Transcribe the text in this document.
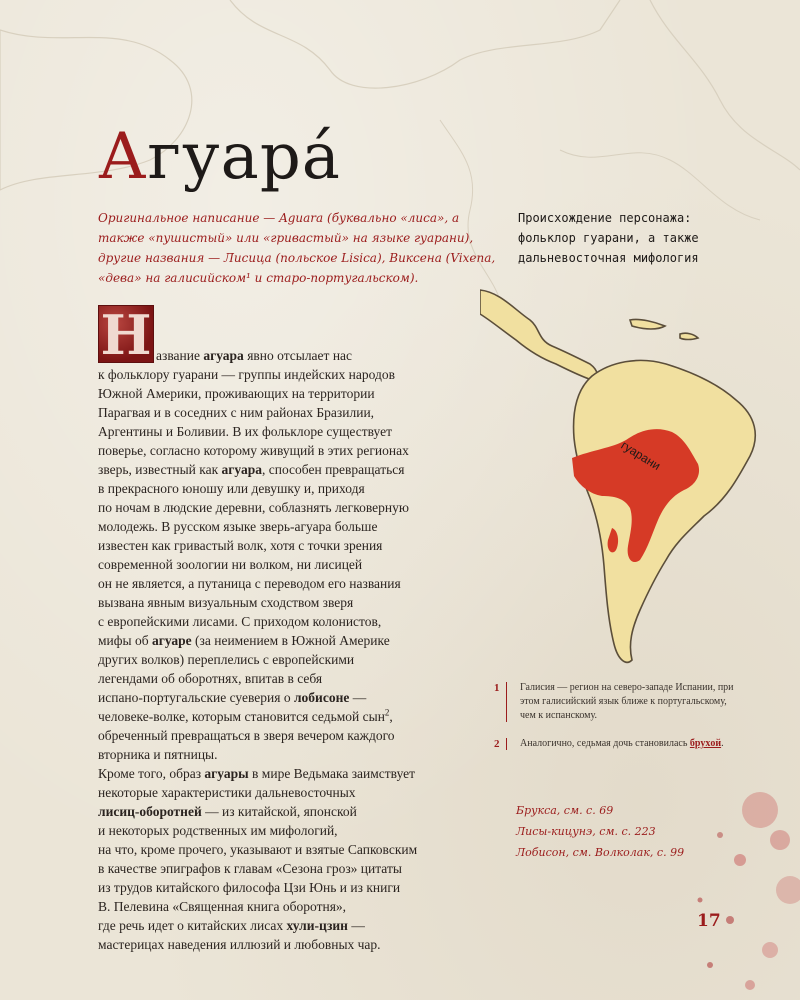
Агуара́
Оригинальное написание — Aguara (буквально «лиса», а также «пушистый» или «гривастый» на языке гуарани), другие названия — Лисица (польское Lisica), Виксена (Vixena, «дева» на галисийском¹ и старо-португальском).
Происхождение персонажа: фольклор гуарани, а также дальневосточная мифология
Н азвание агуара явно отсылает нас
к фольклору гуарани — группы индейских народов
Южной Америки, проживающих на территории
Парагвая и в соседних с ним районах Бразилии,
Аргентины и Боливии. В их фольклоре существует
поверье, согласно которому живущий в этих регионах
зверь, известный как агуара, способен превращаться
в прекрасного юношу или девушку и, приходя
по ночам в людские деревни, соблазнять легковерную
молодежь. В русском языке зверь-агуара больше
известен как гривастый волк, хотя с точки зрения
современной зоологии ни волком, ни лисицей
он не является, а путаница с переводом его названия
вызвана явным визуальным сходством зверя
с европейскими лисами. С приходом колонистов,
мифы об агуаре (за неимением в Южной Америке
других волков) переплелись с европейскими
легендами об оборотнях, впитав в себя
испано-португальские суеверия о лобисоне —
человеке-волке, которым становится седьмой сын$^2$,
обреченный превращаться в зверя вечером каждого
вторника и пятницы.
Кроме того, образ агуары в мире Ведьмака заимствует
некоторые характеристики дальневосточных
лисиц-оборотней — из китайской, японской
и некоторых родственных им мифологий,
на что, кроме прочего, указывают и взятые Сапковским
в качестве эпиграфов к главам «Сезона гроз» цитаты
из трудов китайского философа Цзи Юнь и из книги
В. Пелевина «Священная книга оборотня»,
где речь идет о китайских лисах хули-цзин —
мастерицах наведения иллюзий и любовных чар.
гуарани
1	Галисия — регион на северо-западе Испании, при этом галисийский язык ближе к португальскому, чем к испанскому.
2	Аналогично, седьмая дочь становилась бруxой.
Брукса, см. с. 69
Лисы-кицунэ, см. с. 223
Лобисон, см. Волколак, с. 99
17
